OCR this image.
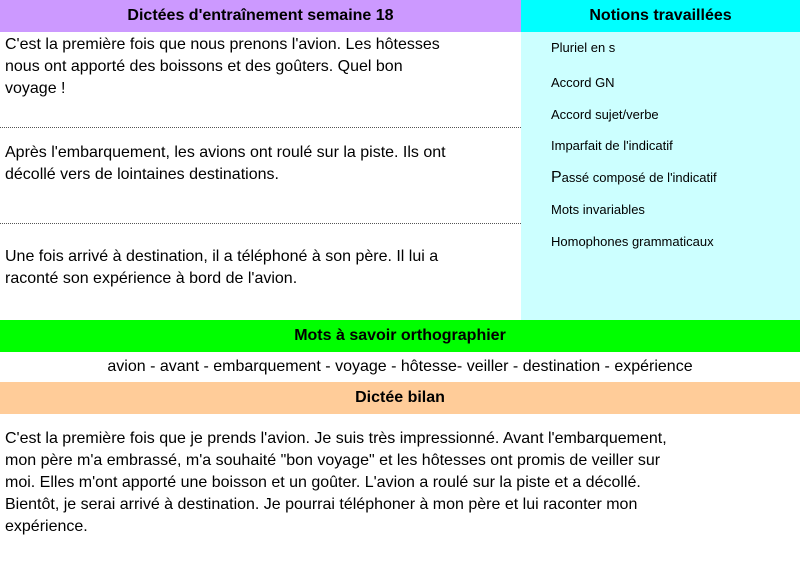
Dictées d'entraînement semaine 18	Notions travaillées
C'est la première fois que nous prenons l'avion. Les hôtesses
nous ont apporté des boissons et des goûters. Quel bon
voyage !
Après l'embarquement, les avions ont roulé sur la piste. Ils ont
décollé vers de lointaines destinations.
Une fois arrivé à destination, il a téléphoné à son père. Il lui a
raconté son expérience à bord de l'avion.
Pluriel en s
Accord GN
Accord sujet/verbe
Imparfait de l'indicatif
Passé composé de l'indicatif
Mots invariables
Homophones grammaticaux
Mots à savoir orthographier
avion - avant - embarquement - voyage - hôtesse- veiller - destination - expérience
Dictée bilan
C'est la première fois que je prends l'avion. Je suis très impressionné. Avant l'embarquement,
mon père m'a embrassé, m'a souhaité "bon voyage" et les hôtesses ont promis de veiller sur
moi. Elles m'ont apporté une boisson et un goûter. L'avion a roulé sur la piste et a décollé.
Bientôt, je serai arrivé à destination. Je pourrai téléphoner à mon père et lui raconter mon
expérience.
